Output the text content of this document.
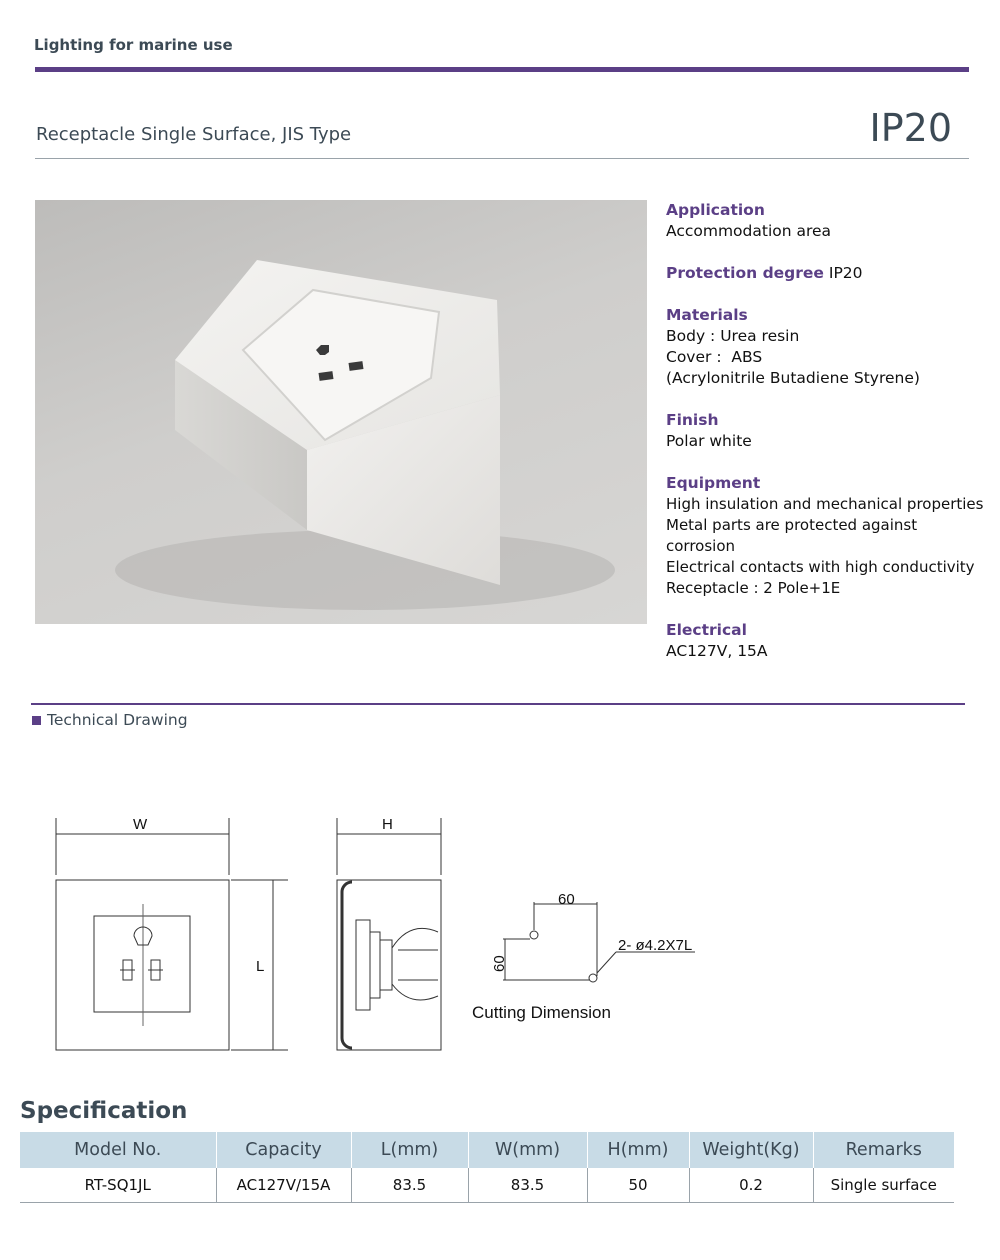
Lighting for marine use
Receptacle Single Surface, JIS Type	IP20
Application
Accommodation area
Protection degree IP20
Materials
Body : Urea resin
Cover :  ABS
(Acrylonitrile Butadiene Styrene)
Finish
Polar white
Equipment
High insulation and mechanical properties
Metal parts are protected against corrosion
Electrical contacts with high conductivity
Receptacle : 2 Pole+1E
Electrical
AC127V, 15A
Technical Drawing
W	H
L
60
60
2- ø4.2X7L
Cutting Dimension
Specification
Model No.	Capacity	L(mm)	W(mm)	H(mm)	Weight(Kg)	Remarks
RT-SQ1JL	AC127V/15A	83.5	83.5	50	0.2	Single surface
